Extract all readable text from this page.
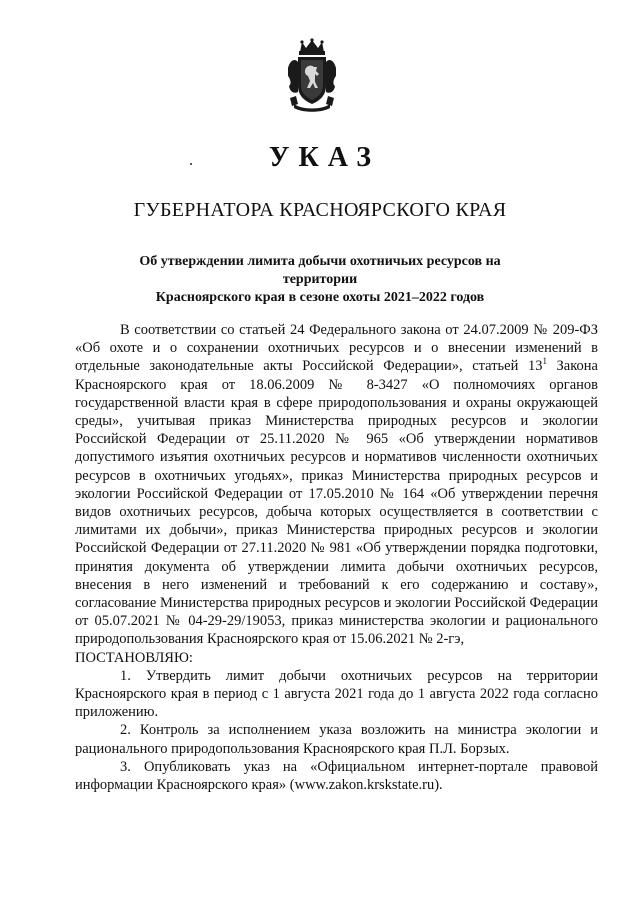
УКАЗ
ГУБЕРНАТОРА КРАСНОЯРСКОГО КРАЯ
Об утверждении лимита добычи охотничьих ресурсов на территории
Красноярского края в сезоне охоты 2021–2022 годов

В соответствии со статьей 24 Федерального закона от 24.07.2009 № 209-ФЗ «Об охоте и о сохранении охотничьих ресурсов и о внесении изменений в отдельные законодательные акты Российской Федерации», статьей $13^1$ Закона Красноярского края от 18.06.2009 № 8-3427 «О полномочиях органов государственной власти края в сфере природопользования и охраны окружающей среды», учитывая приказ Министерства природных ресурсов и экологии Российской Федерации от 25.11.2020 № 965 «Об утверждении нормативов допустимого изъятия охотничьих ресурсов и нормативов численности охотничьих ресурсов в охотничьих угодьях», приказ Министерства природных ресурсов и экологии Российской Федерации от 17.05.2010 № 164 «Об утверждении перечня видов охотничьих ресурсов, добыча которых осуществляется в соответствии с лимитами их добычи», приказ Министерства природных ресурсов и экологии Российской Федерации от 27.11.2020 № 981 «Об утверждении порядка подготовки, принятия документа об утверждении лимита добычи охотничьих ресурсов, внесения в него изменений и требований к его содержанию и составу», согласование Министерства природных ресурсов и экологии Российской Федерации от 05.07.2021 № 04-29-29/19053, приказ министерства экологии и рационального природопользования Красноярского края от 15.06.2021 № 2-гэ,

ПОСТАНОВЛЯЮ:

1. Утвердить лимит добычи охотничьих ресурсов на территории Красноярского края в период с 1 августа 2021 года до 1 августа 2022 года согласно приложению.

2. Контроль за исполнением указа возложить на министра экологии и рационального природопользования Красноярского края П.Л. Борзых.

3. Опубликовать указ на «Официальном интернет-портале правовой информации Красноярского края» (www.zakon.krskstate.ru).
